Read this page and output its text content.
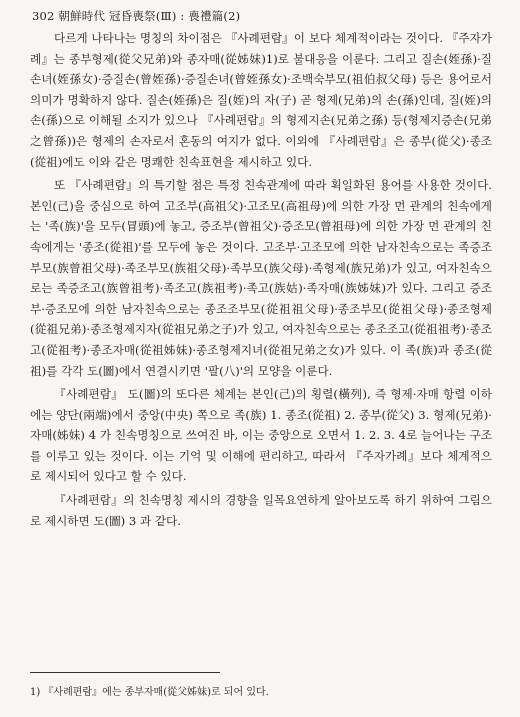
302 朝鮮時代 冠昏喪祭(Ⅲ) : 喪禮篇(2)

다르게 나타나는 명칭의 차이점은 『사례편람』이 보다 체계적이라는 것이다. 『주자가례』는 종부형제(從父兄弟)와 종자매(從姊妹)1)로 불대응을 이룬다. 그리고 질손(姪孫)·질손녀(姪孫女)·증질손(曾姪孫)·증질손녀(曾姪孫女)·조백숙부모(祖伯叔父母) 등은 용어로서 의미가 명확하지 않다. 질손(姪孫)은 질(姪)의 자(子) 곧 형제(兄弟)의 손(孫)인데, 질(姪)의 손(孫)으로 이해될 소지가 있으나 『사례편람』의 형제지손(兄弟之孫) 등(형제지증손(兄弟之曾孫))은 형제의 손자로서 혼동의 여지가 없다. 이외에 『사례편람』은 종부(從父)·종조(從祖)에도 이와 같은 명쾌한 친속표현을 제시하고 있다.

또 『사례편람』의 특기할 점은 특정 친속관계에 따라 획일화된 용어를 사용한 것이다. 본인(己)을 중심으로 하여 고조부(高祖父)·고조모(高祖母)에 의한 가장 먼 관계의 친속에게는 '족(族)'을 모두(冒頭)에 놓고, 증조부(曾祖父)·증조모(曾祖母)에 의한 가장 먼 관계의 친속에게는 '종조(從祖)'를 모두에 놓은 것이다. 고조부·고조모에 의한 남자친속으로는 족증조부모(族曾祖父母)·족조부모(族祖父母)·족부모(族父母)·족형제(族兄弟)가 있고, 여자친속으로는 족증조고(族曾祖考)·족조고(族祖考)·족고(族姑)·족자매(族姊妹)가 있다. 그리고 증조부·증조모에 의한 남자친속으로는 종조조부모(從祖祖父母)·종조부모(從祖父母)·종조형제(從祖兄弟)·종조형제지자(從祖兄弟之子)가 있고, 여자친속으로는 종조조고(從祖祖考)·종조고(從祖考)·종조자매(從祖姊妹)·종조형제지녀(從祖兄弟之女)가 있다. 이 족(族)과 종조(從祖)를 각각 도(圖)에서 연결시키면 '팔(八)'의 모양을 이룬다.

『사례편람』 도(圖)의 또다른 체계는 본인(己)의 횡렬(橫列), 즉 형제·자매 항렬 이하에는 양단(兩端)에서 중앙(中央) 쪽으로 족(族) 1. 종조(從祖) 2. 종부(從父) 3. 형제(兄弟)·자매(姊妹) 4 가 친속명칭으로 쓰여진 바, 이는 중앙으로 오면서 1. 2. 3. 4로 늘어나는 구조를 이루고 있는 것이다. 이는 기억 및 이해에 편리하고, 따라서 『주자가례』보다 체계적으로 제시되어 있다고 할 수 있다.

『사례편람』의 친속명칭 제시의 경향을 일목요연하게 알아보도록 하기 위하여 그림으로 제시하면 도(圖) 3 과 같다.

1) 『사례편람』에는 종부자매(從父姊妹)로 되어 있다.
